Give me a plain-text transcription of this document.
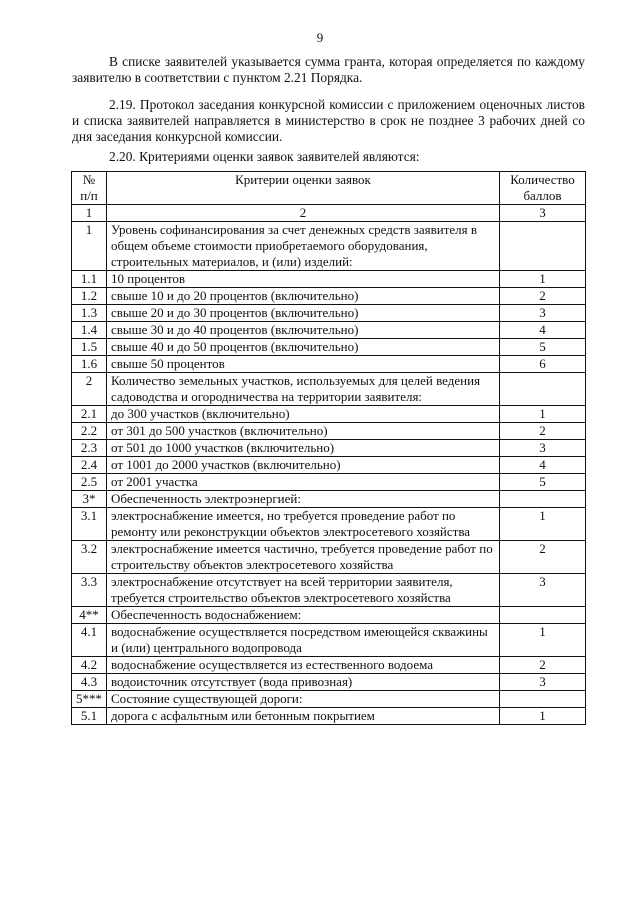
9

В списке заявителей указывается сумма гранта, которая определяется по каждому заявителю в соответствии с пунктом 2.21 Порядка.

2.19. Протокол заседания конкурсной комиссии с приложением оценочных листов и списка заявителей направляется в министерство в срок не позднее 3 рабочих дней со дня заседания конкурсной комиссии.

2.20. Критериями оценки заявок заявителей являются:

№ п/п	Критерии оценки заявок	Количество баллов
1	2	3
1	Уровень софинансирования за счет денежных средств заявителя в общем объеме стоимости приобретаемого оборудования, строительных материалов, и (или) изделий:	
1.1	10 процентов	1
1.2	свыше 10 и до 20 процентов (включительно)	2
1.3	свыше 20 и до 30 процентов (включительно)	3
1.4	свыше 30 и до 40 процентов (включительно)	4
1.5	свыше 40 и до 50 процентов (включительно)	5
1.6	свыше 50 процентов	6
2	Количество земельных участков, используемых для целей ведения садоводства и огородничества на территории заявителя:	
2.1	до 300 участков (включительно)	1
2.2	от 301 до 500 участков (включительно)	2
2.3	от 501 до 1000 участков (включительно)	3
2.4	от 1001 до 2000 участков (включительно)	4
2.5	от 2001 участка	5
3*	Обеспеченность электроэнергией:	
3.1	электроснабжение имеется, но требуется проведение работ по ремонту или реконструкции объектов электросетевого хозяйства	1
3.2	электроснабжение имеется частично, требуется проведение работ по строительству объектов электросетевого хозяйства	2
3.3	электроснабжение отсутствует на всей территории заявителя, требуется строительство объектов электросетевого хозяйства	3
4**	Обеспеченность водоснабжением:	
4.1	водоснабжение осуществляется посредством имеющейся скважины и (или) центрального водопровода	1
4.2	водоснабжение осуществляется из естественного водоема	2
4.3	водоисточник отсутствует (вода привозная)	3
5***	Состояние существующей дороги:	
5.1	дорога с асфальтным или бетонным покрытием	1
